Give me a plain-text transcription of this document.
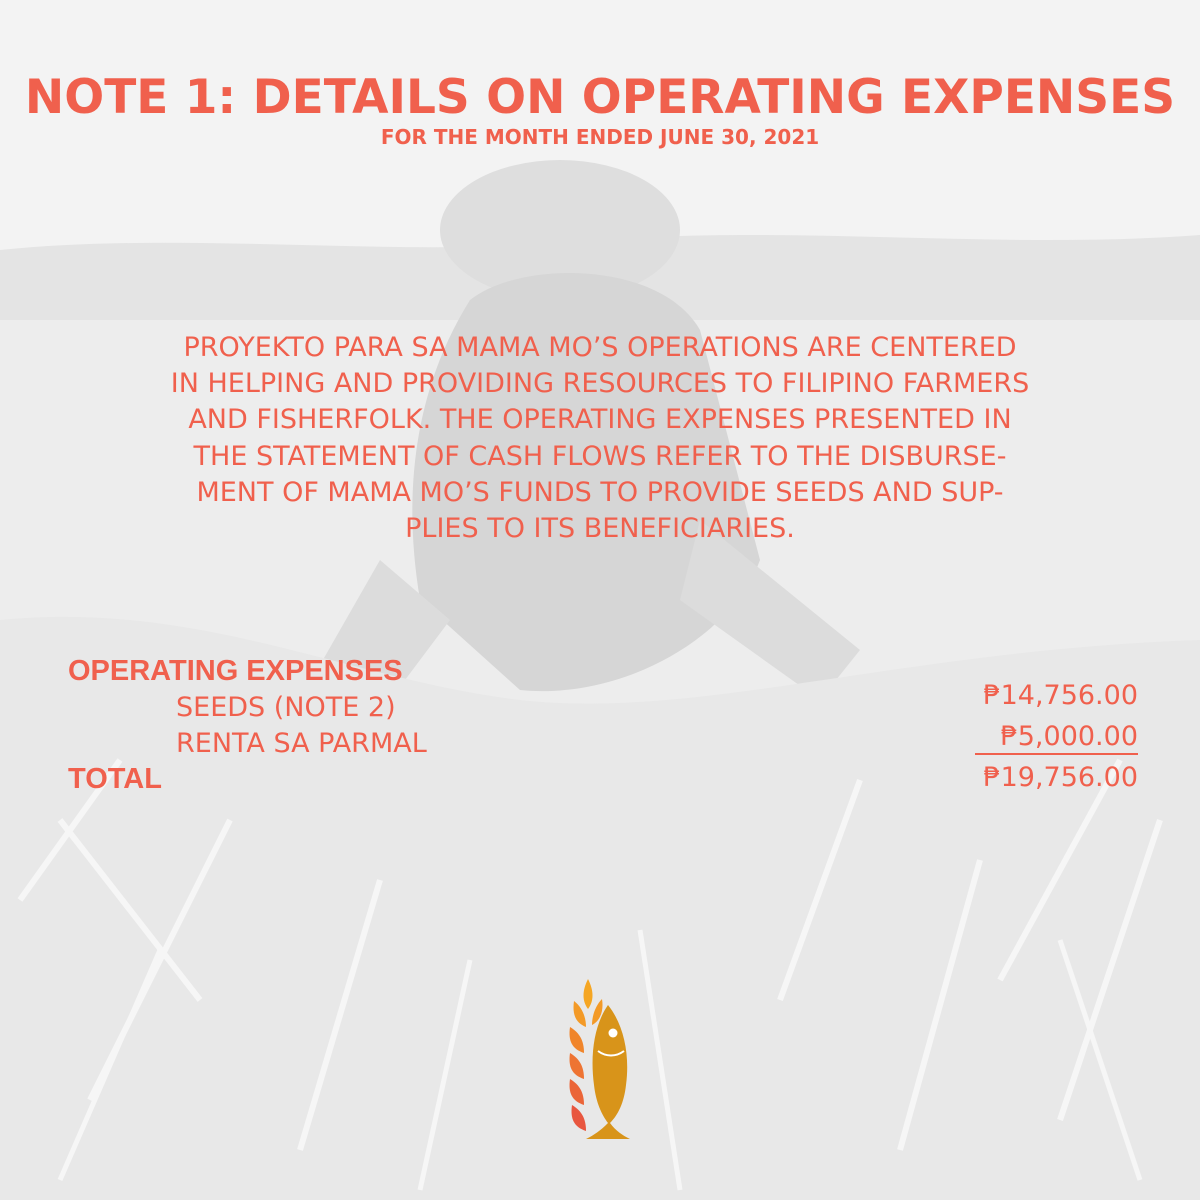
NOTE 1: DETAILS ON OPERATING EXPENSES
FOR THE MONTH ENDED JUNE 30, 2021
PROYEKTO PARA SA MAMA MO’S OPERATIONS ARE CENTERED
IN HELPING AND PROVIDING RESOURCES TO FILIPINO FARMERS
AND FISHERFOLK. THE OPERATING EXPENSES PRESENTED IN
THE STATEMENT OF CASH FLOWS REFER TO THE DISBURSE-
MENT OF MAMA MO’S FUNDS TO PROVIDE SEEDS AND SUP-
PLIES TO ITS BENEFICIARIES.
OPERATING EXPENSES
SEEDS (NOTE 2)	₱14,756.00
RENTA SA PARMAL	₱5,000.00
TOTAL	₱19,756.00
